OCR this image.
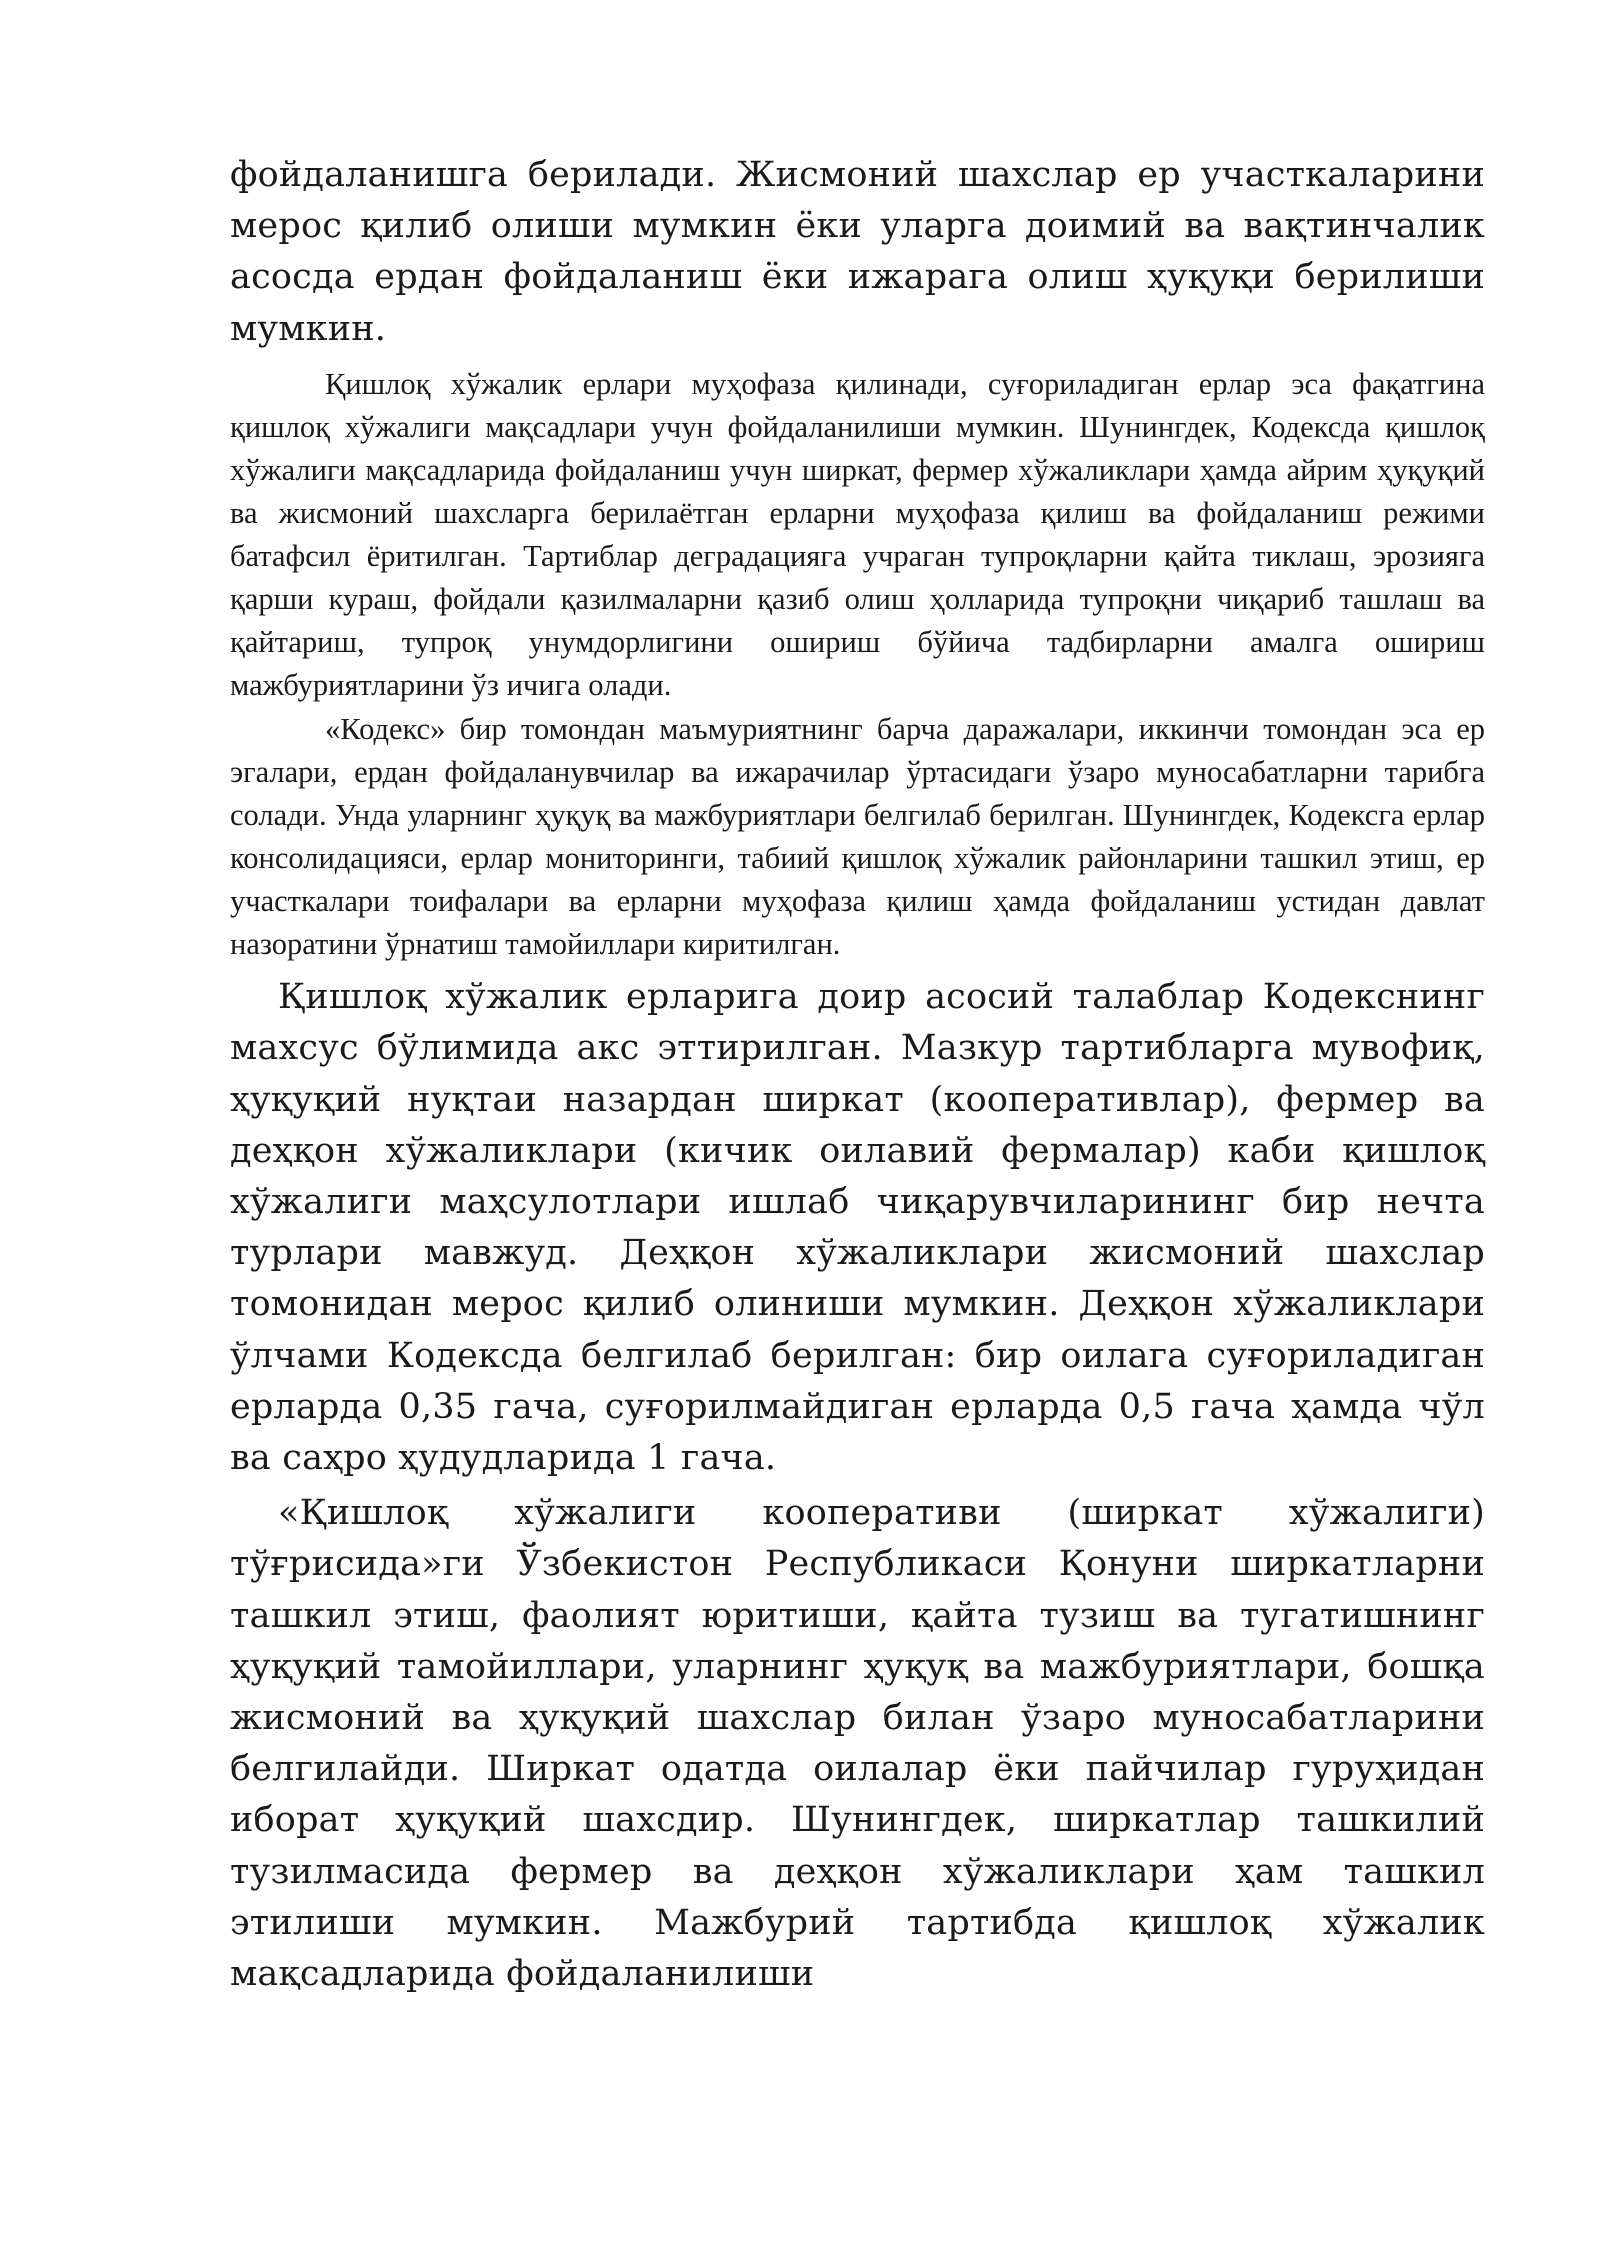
фойдаланишга берилади. Жисмоний шахслар ер участкаларини мерос қилиб олиши мумкин ёки уларга доимий ва вақтинчалик асосда ердан фойдаланиш ёки ижарага олиш ҳуқуқи берилиши мумкин.

Қишлоқ хўжалик ерлари муҳофаза қилинади, суғориладиган ерлар эса фақатгина қишлоқ хўжалиги мақсадлари учун фойдаланилиши мумкин. Шунингдек, Кодексда қишлоқ хўжалиги мақсадларида фойдаланиш учун ширкат, фермер хўжаликлари ҳамда айрим ҳуқуқий ва жисмоний шахсларга берилаётган ерларни муҳофаза қилиш ва фойдаланиш режими батафсил ёритилган. Тартиблар деградацияга учраган тупроқларни қайта тиклаш, эрозияга қарши кураш, фойдали қазилмаларни қазиб олиш ҳолларида тупроқни чиқариб ташлаш ва қайтариш, тупроқ унумдорлигини ошириш бўйича тадбирларни амалга ошириш мажбуриятларини ўз ичига олади.

«Кодекс» бир томондан маъмуриятнинг барча даражалари, иккинчи томондан эса ер эгалари, ердан фойдаланувчилар ва ижарачилар ўртасидаги ўзаро муносабатларни тарибга солади. Унда уларнинг ҳуқуқ ва мажбуриятлари белгилаб берилган. Шунингдек, Кодексга ерлар консолидацияси, ерлар мониторинги, табиий қишлоқ хўжалик районларини ташкил этиш, ер участкалари тоифалари ва ерларни муҳофаза қилиш ҳамда фойдаланиш устидан давлат назоратини ўрнатиш тамойиллари киритилган.

Қишлоқ хўжалик ерларига доир асосий талаблар Кодекснинг махсус бўлимида акс эттирилган. Мазкур тартибларга мувофиқ, ҳуқуқий нуқтаи назардан ширкат (кооперативлар), фермер ва деҳқон хўжаликлари (кичик оилавий фермалар) каби қишлоқ хўжалиги маҳсулотлари ишлаб чиқарувчиларининг бир нечта турлари мавжуд. Деҳқон хўжаликлари жисмоний шахслар томонидан мерос қилиб олиниши мумкин. Деҳқон хўжаликлари ўлчами Кодексда белгилаб берилган: бир оилага суғориладиган ерларда 0,35 гача, суғорилмайдиган ерларда 0,5 гача ҳамда чўл ва саҳро ҳудудларида 1 гача.

«Қишлоқ хўжалиги кооперативи (ширкат хўжалиги) тўғрисида»ги Ўзбекистон Республикаси Қонуни ширкатларни ташкил этиш, фаолият юритиши, қайта тузиш ва тугатишнинг ҳуқуқий тамойиллари, уларнинг ҳуқуқ ва мажбуриятлари, бошқа жисмоний ва ҳуқуқий шахслар билан ўзаро муносабатларини белгилайди. Ширкат одатда оилалар ёки пайчилар гуруҳидан иборат ҳуқуқий шахсдир. Шунингдек, ширкатлар ташкилий тузилмасида фермер ва деҳқон хўжаликлари ҳам ташкил этилиши мумкин. Мажбурий тартибда қишлоқ хўжалик мақсадларида фойдаланилиши
